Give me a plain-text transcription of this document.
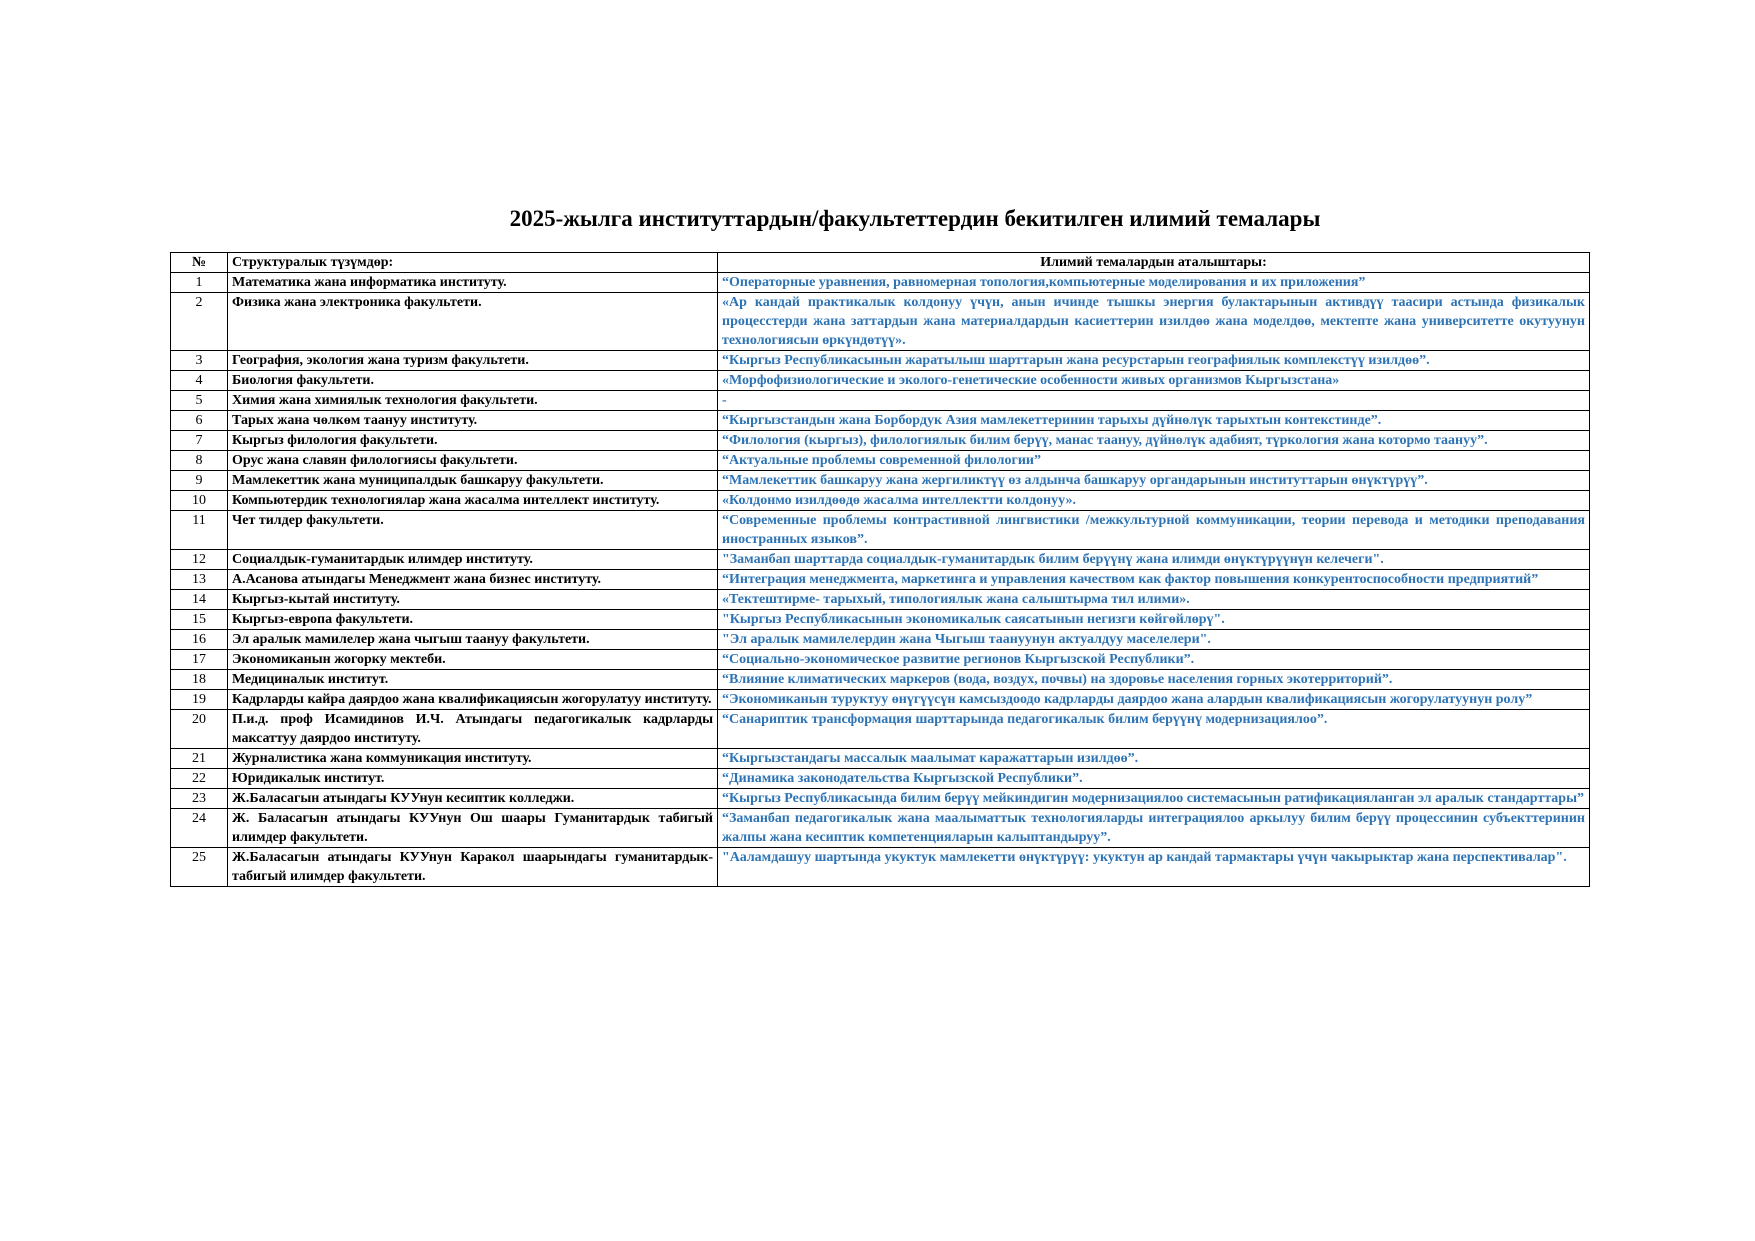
2025-жылга институттардын/факультеттердин бекитилген илимий темалары
№	Структуралык түзүмдөр:	Илимий темалардын аталыштары:
1	Математика жана информатика институту.	“Операторные уравнения, равномерная топология,компьютерные моделирования и их приложения”
2	Физика жана электроника факультети.	«Ар кандай практикалык колдонуу үчүн, анын ичинде тышкы энергия булактарынын активдүү таасири астында физикалык процесстерди жана заттардын жана материалдардын касиеттерин изилдөө жана моделдөө, мектепте жана университетте окутуунун технологиясын өркүндөтүү».
3	География, экология жана туризм факультети.	“Кыргыз Республикасынын жаратылыш шарттарын жана ресурстарын географиялык комплекстүү изилдөө”.
4	Биология факультети.	«Морфофизиологические и эколого-генетические особенности живых организмов Кыргызстана»
5	Химия жана химиялык технология факультети.	-
6	Тарых жана чөлкөм таануу институту.	“Кыргызстандын жана Борбордук Азия мамлекеттеринин тарыхы дүйнөлүк тарыхтын контекстинде”.
7	Кыргыз филология факультети.	“Филология (кыргыз), филологиялык билим берүү, манас таануу, дүйнөлүк адабият, түркология жана котормо таануу”.
8	Орус жана славян филологиясы факультети.	“Актуальные проблемы современной филологии”
9	Мамлекеттик жана муниципалдык башкаруу факультети.	“Мамлекеттик башкаруу жана жергиликтүү өз алдынча башкаруу органдарынын институттарын өнүктүрүү”.
10	Компьютердик технологиялар жана жасалма интеллект институту.	«Колдонмо изилдөөдө жасалма интеллектти колдонуу».
11	Чет тилдер факультети.	“Современные проблемы контрастивной лингвистики /межкультурной коммуникации, теории перевода и методики преподавания иностранных языков”.
12	Социалдык-гуманитардык илимдер институту.	"Заманбап шарттарда социалдык-гуманитардык билим берүүнү жана илимди өнүктүрүүнүн келечеги".
13	А.Асанова атындагы Менеджмент жана бизнес институту.	“Интеграция менеджмента, маркетинга и управления качеством как фактор повышения конкурентоспособности предприятий”
14	Кыргыз-кытай институту.	«Тектештирме- тарыхый, типологиялык жана салыштырма тил илими».
15	Кыргыз-европа факультети.	"Кыргыз Республикасынын экономикалык саясатынын негизги көйгөйлөрү".
16	Эл аралык мамилелер жана чыгыш таануу факультети.	"Эл аралык мамилелердин жана Чыгыш таануунун актуалдуу маселелери".
17	Экономиканын жогорку мектеби.	“Социально-экономическое развитие регионов Кыргызской Республики”.
18	Медициналык институт.	“Влияние климатических маркеров (вода, воздух, почвы) на здоровье населения горных экотерриторий”.
19	Кадрларды кайра даярдоо жана квалификациясын жогорулатуу институту.	“Экономиканын туруктуу өнүгүүсүн камсыздоодо кадрларды даярдоо жана алардын квалификациясын жогорулатуунун ролу”
20	П.и.д. проф Исамидинов И.Ч. Атындагы педагогикалык кадрларды максаттуу даярдоо институту.	“Санариптик трансформация шарттарында педагогикалык билим берүүнү модернизациялоо”.
21	Журналистика жана коммуникация институту.	“Кыргызстандагы массалык маалымат каражаттарын изилдөө”.
22	Юридикалык институт.	“Динамика законодательства Кыргызской Республики”.
23	Ж.Баласагын атындагы КУУнун кесиптик колледжи.	“Кыргыз Республикасында билим берүү мейкиндигин модернизациялоо системасынын ратификацияланган эл аралык стандарттары”
24	Ж. Баласагын атындагы КУУнун Ош шаары Гуманитардык табигый илимдер факультети.	“Заманбап педагогикалык жана маалыматтык технологияларды интеграциялоо аркылуу билим берүү процессинин субъекттеринин жалпы жана кесиптик компетенцияларын калыптандыруу”.
25	Ж.Баласагын атындагы КУУнун Каракол шаарындагы гуманитардык-табигый илимдер факультети.	"Ааламдашуу шартында укуктук мамлекетти өнүктүрүү: укуктун ар кандай тармактары үчүн чакырыктар жана перспективалар".
